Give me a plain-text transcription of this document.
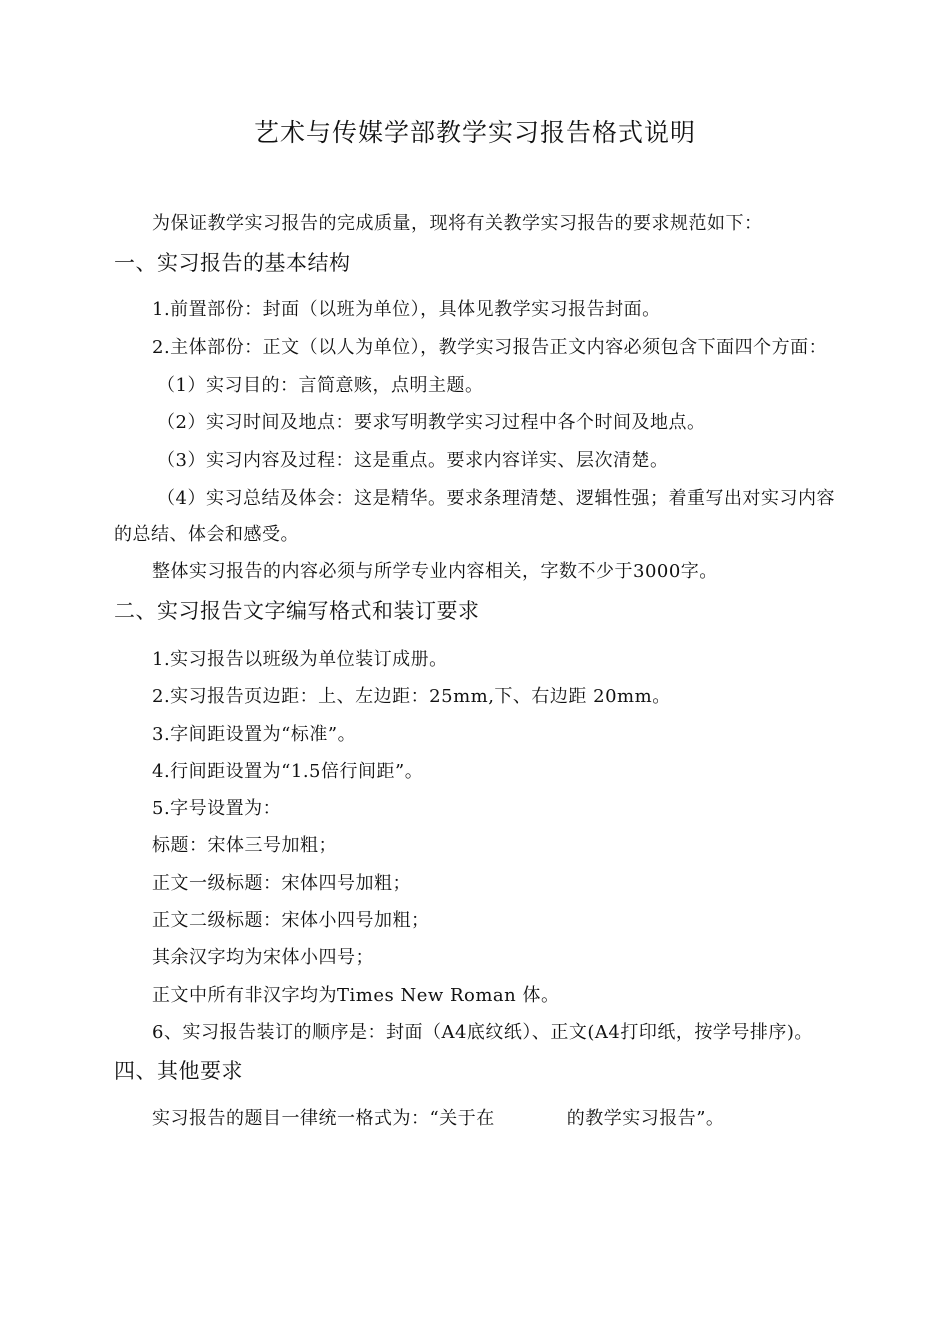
艺术与传媒学部教学实习报告格式说明
为保证教学实习报告的完成质量，现将有关教学实习报告的要求规范如下：
一、实习报告的基本结构
1.前置部份：封面（以班为单位），具体见教学实习报告封面。
2.主体部份：正文（以人为单位），教学实习报告正文内容必须包含下面四个方面：
（1）实习目的：言简意赅，点明主题。
（2）实习时间及地点：要求写明教学实习过程中各个时间及地点。
（3）实习内容及过程：这是重点。要求内容详实、层次清楚。
（4）实习总结及体会：这是精华。要求条理清楚、逻辑性强；着重写出对实习内容
的总结、体会和感受。
整体实习报告的内容必须与所学专业内容相关，字数不少于3000字。
二、实习报告文字编写格式和装订要求
1.实习报告以班级为单位装订成册。
2.实习报告页边距：上、左边距：25mm,下、右边距 20mm。
3.字间距设置为“标准”。
4.行间距设置为“1.5倍行间距”。
5.字号设置为：
标题：宋体三号加粗；
正文一级标题：宋体四号加粗；
正文二级标题：宋体小四号加粗；
其余汉字均为宋体小四号；
正文中所有非汉字均为Times New Roman 体。
6、实习报告装订的顺序是：封面（A4底纹纸）、正文(A4打印纸，按学号排序)。
四、其他要求
实习报告的题目一律统一格式为：“关于在	的教学实习报告”。
